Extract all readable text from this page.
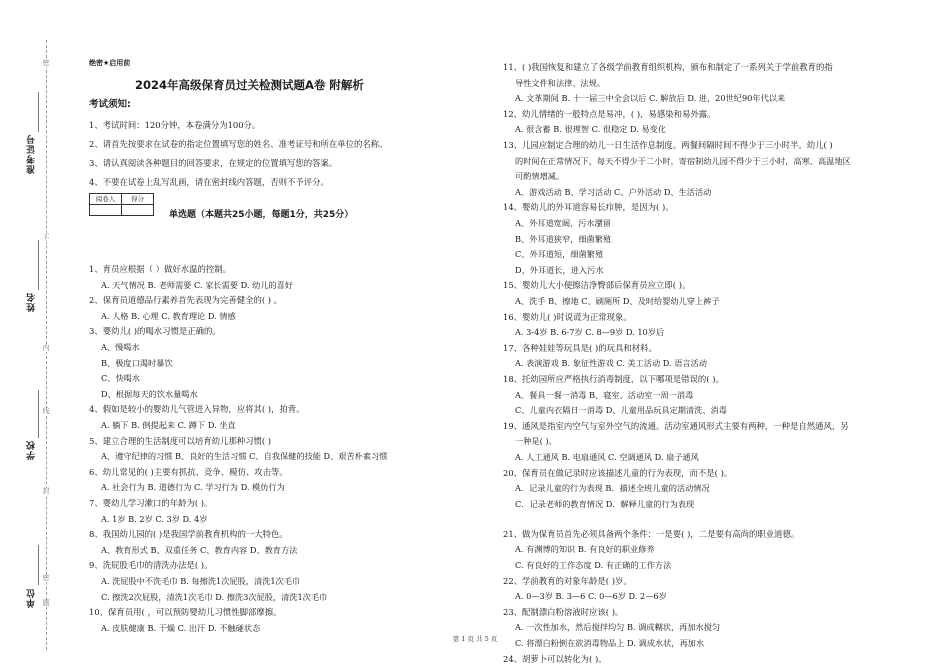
准考证号
姓名
学校
单位
密
不
内
线
封
密
题
绝密★启用前
2024年高级保育员过关检测试题A卷 附解析
考试须知:
1、考试时间：120分钟，本卷满分为100分。
2、请首先按要求在试卷的指定位置填写您的姓名、准考证号和所在单位的名称。
3、请认真阅读各种题目的回答要求，在规定的位置填写您的答案。
4、不要在试卷上乱写乱画，请在密封线内答题，否则不予评分。
阅卷人	得分

单选题（本题共25小题，每题1分，共25分）
1、育员应根据（ ）做好水温的控制。
A. 天气情况 B. 老师需要 C. 家长需要 D. 幼儿的喜好
2、保育员道德品行素养首先表现为完善健全的( ) 。
A. 人格 B. 心理 C. 教育理论 D. 情感
3、婴幼儿( )的喝水习惯是正确的。
A、慢喝水
B、极度口渴时暴饮
C、快喝水
D、根据每天的饮水量喝水
4、假如是较小的婴幼儿气管进入异物，应将其( )，拍背。
A. 躺下 B. 倒提起来 C. 蹲下 D. 坐直
5、建立合理的生活制度可以培育幼儿那种习惯( )
A、遵守纪律的习惯 B、良好的生活习惯 C、自我保健的技能 D、艰苦朴素习惯
6、幼儿常见的( )主要有抓抗、竞争、模仿、攻击等。
A. 社会行为 B. 道德行为 C. 学习行为 D. 模仿行为
7、婴幼儿学习漱口的年龄为( )。
A. 1岁 B. 2岁 C. 3岁 D. 4岁
8、我国幼儿园的( )是我国学前教育机构的一大特色。
A、教育形式 B、双重任务 C、教育内容 D、教育方法
9、洗屁股毛巾的清洗办法是( )。
A. 洗屁股中不洗毛巾 B. 每擦洗1次屁股，清洗1次毛巾
C. 擦洗2次屁股，清洗1次毛巾 D. 擦洗3次屁股，清洗1次毛巾
10、保育员用( ，可以预防婴幼儿习惯性脚部摩擦。
A. 皮肤健康 B. 干燥 C. 出汗 D. 不触碰状态
11、( )我国恢复和建立了各级学前教育组织机构，颁布和制定了一系列关于学前教育的指
导性文件和法律、法规。
A. 文革期间 B. 十一届三中全会以后 C. 解放后 D. 进，20世纪90年代以来
12、幼儿情绪的一般特点是易冲，( )，易感染和易外露。
A. 很含蓄 B. 很理智 C. 很稳定 D. 易变化
13、儿园应制定合理的幼儿一日生活作息制度。两餐间隔时间不得少于三小时半。幼儿( )
的时间在正常情况下，每天不得少于二小时，寄宿制幼儿园不得少于三小时，高寒、高温地区
可酌情增减。
A、游戏活动 B、学习活动 C、户外活动 D、生活活动
14、婴幼儿的外耳道容易长疖肿，是因为( )。
A、外耳道宽阔，污水潴留
B、外耳道狭窄，细菌繁殖
C、外耳道短，细菌繁殖
D、外耳道长，进入污水
15、婴幼儿大小便擦洁净臀部后保育员应立即( )。
A、洗手 B、擦地 C、刷厕所 D、及时给婴幼儿穿上裤子
16、婴幼儿( )时说谎为正常现象。
A. 3-4岁 B. 6-7岁 C. 8—9岁 D. 10岁后
17、各种娃娃等玩具是( )的玩具和材料。
A. 表演游戏 B. 象征性游戏 C. 美工活动 D. 语言活动
18、托幼园所应严格执行消毒制度，以下哪项是错误的( )。
A、餐具一餐一消毒 B、寝室、活动室一周一消毒
C、儿童内衣隔日一消毒 D、儿童用品玩具定期清洗、消毒
19、通风是指室内空气与室外空气的流通。活动室通风形式主要有两种，一种是自然通风，另
一种是( )。
A. 人工通风 B. 电扇通风 C. 空调通风 D. 扇子通风
20、保育员在做记录时应该描述儿童的行为表现，而不是( )。
A．记录儿童的行为表现 B．描述全班儿童的活动情况
C．记录老师的教育情况 D．解释儿童的行为表现
21、做为保育员首先必须具备两个条件：一是要( )，二是要有高尚的职业道德。
A. 有渊博的知识 B. 有良好的职业修养
C. 有良好的工作态度 D. 有正确的工作方法
22、学前教育的对象年龄是( )岁。
A. 0—3岁 B. 3—6 C. 0—6岁 D. 2—6岁
23、配制漂白粉溶液时应该( )。
A. 一次性加水，然后搅拌均匀 B. 调成糊状，再加水搅匀
C. 将漂白粉倒在欲消毒物品上 D. 调成水状，再加水
24、胡萝卜可以转化为( )。
第 1 页 共 5 页
